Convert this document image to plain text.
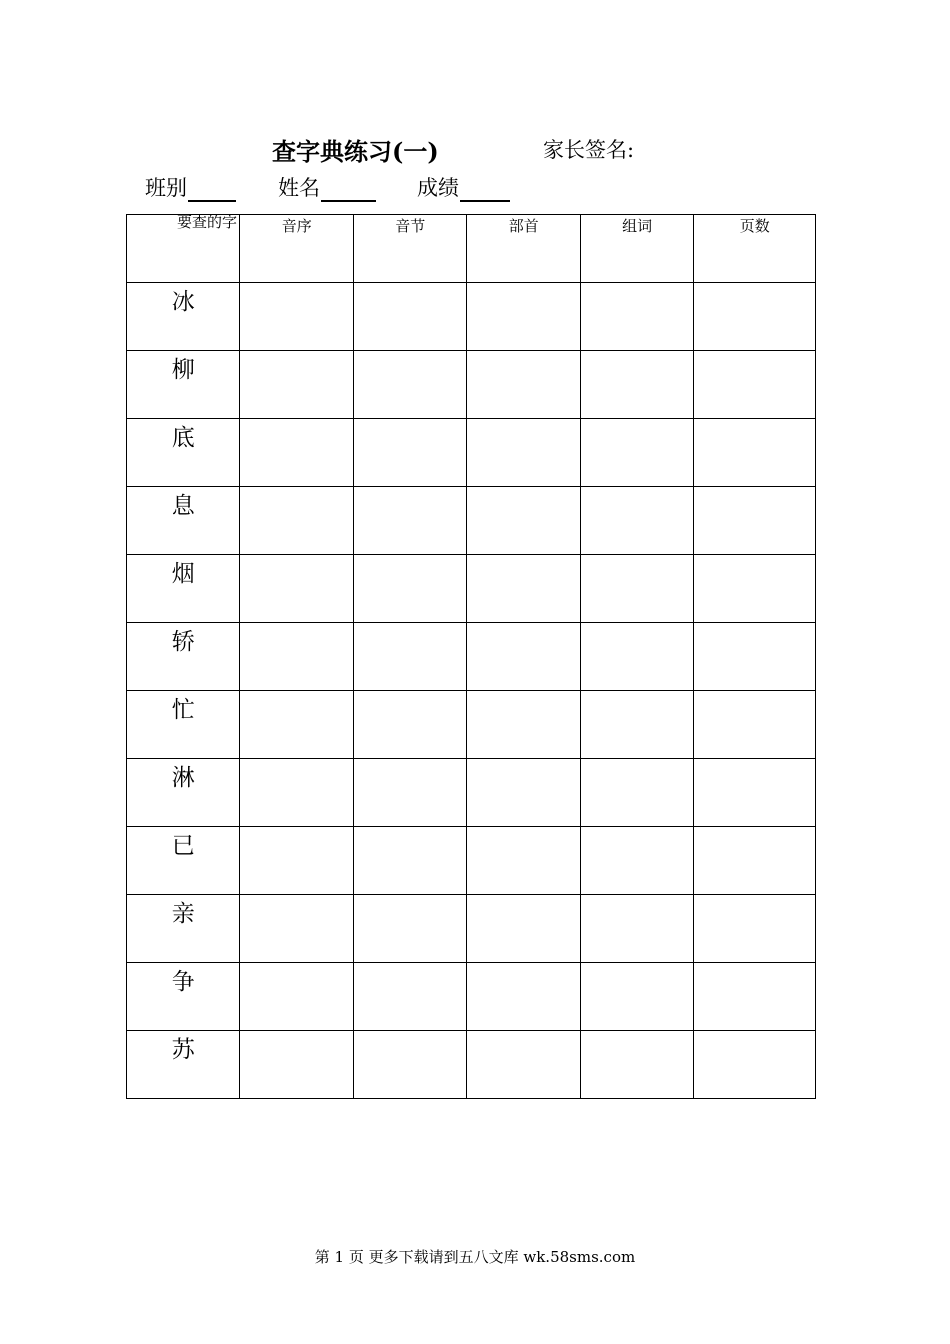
查字典练习(一)	家长签名:
班别	姓名	成绩
要查的字	音序	音节	部首	组词	页数
冰					
柳					
底					
息					
烟					
轿					
忙					
淋					
已					
亲					
争					
苏					
第 1 页 更多下载请到五八文库 wk.58sms.com
